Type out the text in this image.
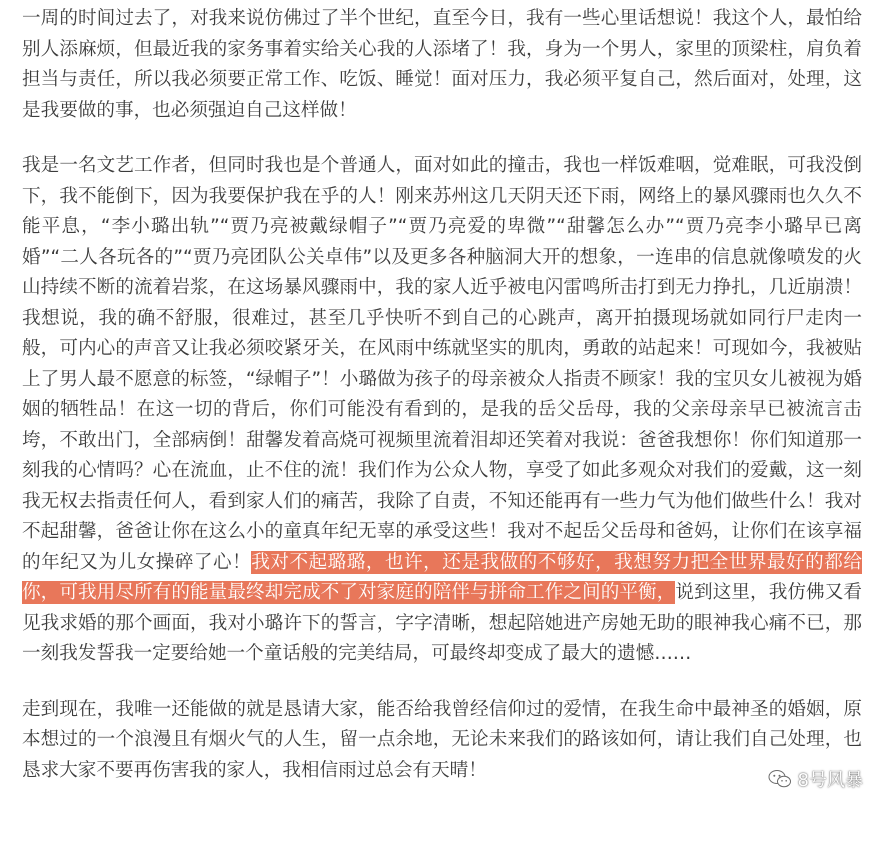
一周的时间过去了，对我来说仿佛过了半个世纪，直至今日，我有一些心里话想说！我这个人，最怕给别人添麻烦，但最近我的家务事着实给关心我的人添堵了！我，身为一个男人，家里的顶梁柱，肩负着担当与责任，所以我必须要正常工作、吃饭、睡觉！面对压力，我必须平复自己，然后面对，处理，这是我要做的事，也必须强迫自己这样做！

我是一名文艺工作者，但同时我也是个普通人，面对如此的撞击，我也一样饭难咽，觉难眠，可我没倒下，我不能倒下，因为我要保护我在乎的人！刚来苏州这几天阴天还下雨，网络上的暴风骤雨也久久不能平息，“李小璐出轨”“贾乃亮被戴绿帽子”“贾乃亮爱的卑微”“甜馨怎么办”“贾乃亮李小璐早已离婚”“二人各玩各的”“贾乃亮团队公关卓伟”以及更多各种脑洞大开的想象，一连串的信息就像喷发的火山持续不断的流着岩浆，在这场暴风骤雨中，我的家人近乎被电闪雷鸣所击打到无力挣扎，几近崩溃！我想说，我的确不舒服，很难过，甚至几乎快听不到自己的心跳声，离开拍摄现场就如同行尸走肉一般，可内心的声音又让我必须咬紧牙关，在风雨中练就坚实的肌肉，勇敢的站起来！可现如今，我被贴上了男人最不愿意的标签，“绿帽子”！小璐做为孩子的母亲被众人指责不顾家！我的宝贝女儿被视为婚姻的牺牲品！在这一切的背后，你们可能没有看到的，是我的岳父岳母，我的父亲母亲早已被流言击垮，不敢出门，全部病倒！甜馨发着高烧可视频里流着泪却还笑着对我说：爸爸我想你！你们知道那一刻我的心情吗？心在流血，止不住的流！我们作为公众人物，享受了如此多观众对我们的爱戴，这一刻我无权去指责任何人，看到家人们的痛苦，我除了自责，不知还能再有一些力气为他们做些什么！我对不起甜馨，爸爸让你在这么小的童真年纪无辜的承受这些！我对不起岳父岳母和爸妈，让你们在该享福的年纪又为儿女操碎了心！我对不起璐璐，也许，还是我做的不够好，我想努力把全世界最好的都给你，可我用尽所有的能量最终却完成不了对家庭的陪伴与拼命工作之间的平衡，说到这里，我仿佛又看见我求婚的那个画面，我对小璐许下的誓言，字字清晰，想起陪她进产房她无助的眼神我心痛不已，那一刻我发誓我一定要给她一个童话般的完美结局，可最终却变成了最大的遗憾……

走到现在，我唯一还能做的就是恳请大家，能否给我曾经信仰过的爱情，在我生命中最神圣的婚姻，原本想过的一个浪漫且有烟火气的人生，留一点余地，无论未来我们的路该如何，请让我们自己处理，也恳求大家不要再伤害我的家人，我相信雨过总会有天晴！	8号风暴
